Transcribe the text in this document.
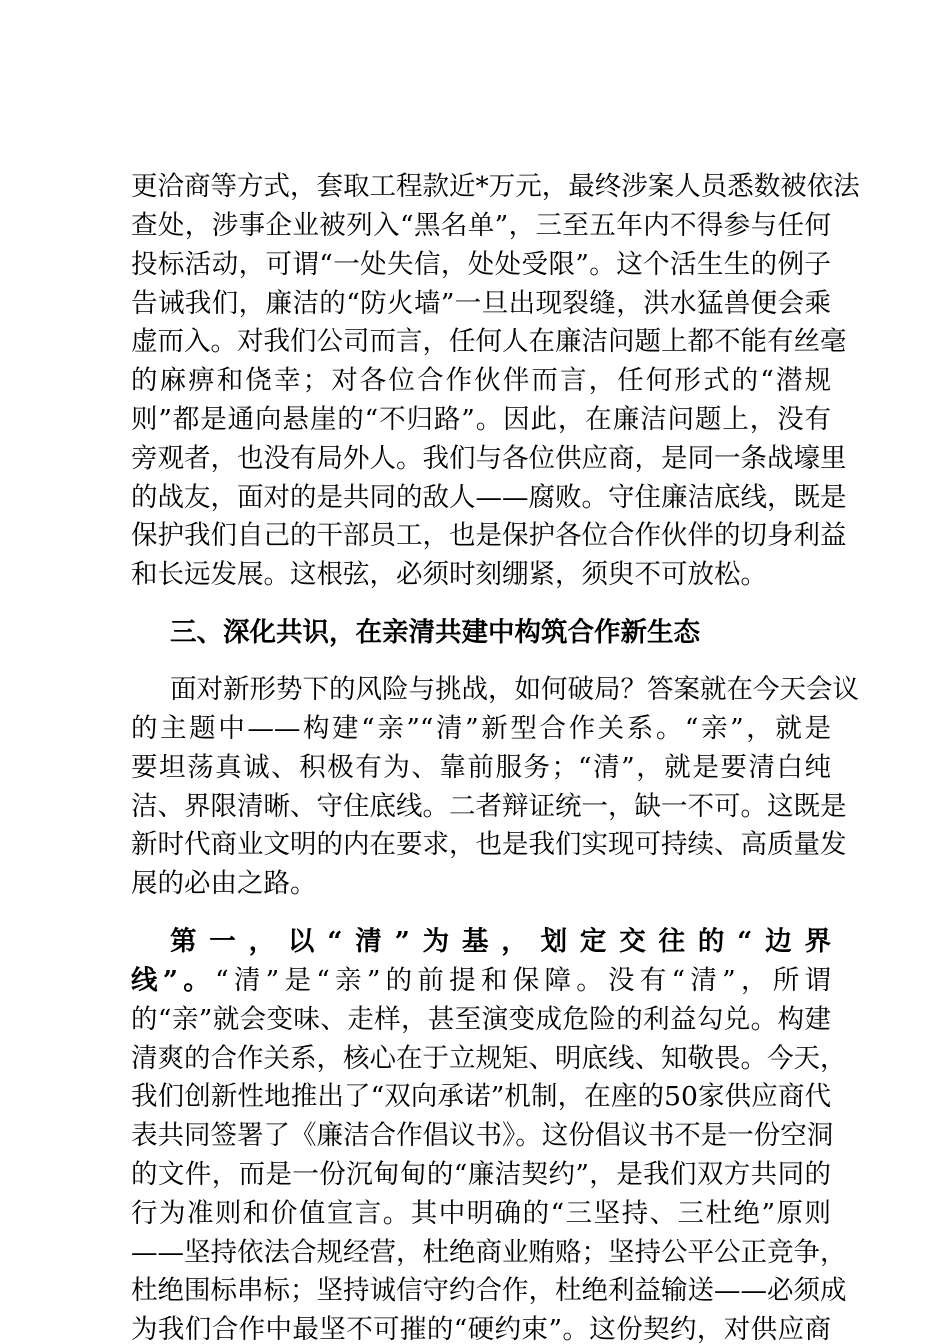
更洽商等方式，套取工程款近*万元，最终涉案人员悉数被依法
查处，涉事企业被列入“黑名单”，三至五年内不得参与任何
投标活动，可谓“一处失信，处处受限”。这个活生生的例子
告诫我们，廉洁的“防火墙”一旦出现裂缝，洪水猛兽便会乘
虚而入。对我们公司而言，任何人在廉洁问题上都不能有丝毫
的麻痹和侥幸；对各位合作伙伴而言，任何形式的“潜规
则”都是通向悬崖的“不归路”。因此，在廉洁问题上，没有
旁观者，也没有局外人。我们与各位供应商，是同一条战壕里
的战友，面对的是共同的敌人——腐败。守住廉洁底线，既是
保护我们自己的干部员工，也是保护各位合作伙伴的切身利益
和长远发展。这根弦，必须时刻绷紧，须臾不可放松。
三、深化共识，在亲清共建中构筑合作新生态
面对新形势下的风险与挑战，如何破局？答案就在今天会议
的主题中——构建“亲”“清”新型合作关系。“亲”，就是
要坦荡真诚、积极有为、靠前服务；“清”，就是要清白纯
洁、界限清晰、守住底线。二者辩证统一，缺一不可。这既是
新时代商业文明的内在要求，也是我们实现可持续、高质量发
展的必由之路。
第一，以“清”为基，划定交往的“边界
线”。“清”是“亲”的前提和保障。没有“清”，所谓
的“亲”就会变味、走样，甚至演变成危险的利益勾兑。构建
清爽的合作关系，核心在于立规矩、明底线、知敬畏。今天，
我们创新性地推出了“双向承诺”机制，在座的50家供应商代
表共同签署了《廉洁合作倡议书》。这份倡议书不是一份空洞
的文件，而是一份沉甸甸的“廉洁契约”，是我们双方共同的
行为准则和价值宣言。其中明确的“三坚持、三杜绝”原则
——坚持依法合规经营，杜绝商业贿赂；坚持公平公正竞争，
杜绝围标串标；坚持诚信守约合作，杜绝利益输送——必须成
为我们合作中最坚不可摧的“硬约束”。这份契约，对供应商
